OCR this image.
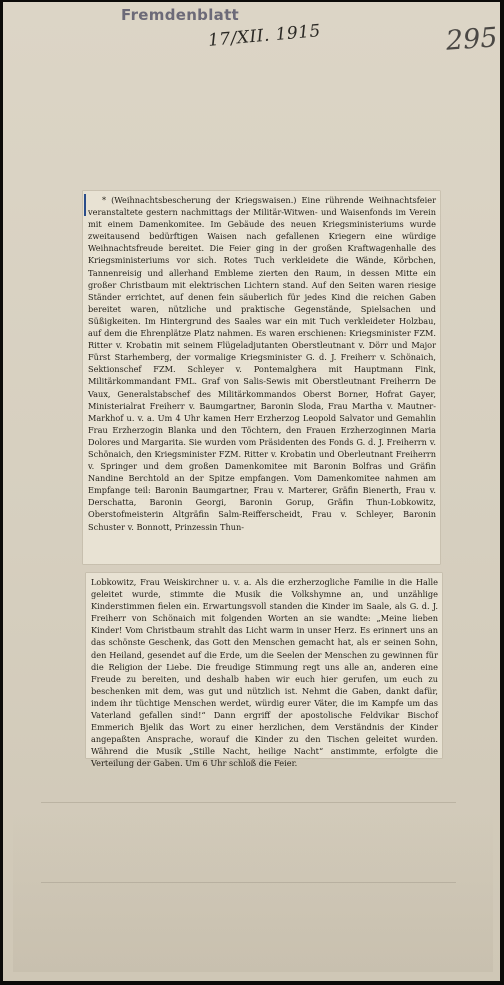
Fremdenblatt
17/XII. 1915	295

* (Weihnachtsbescherung der Kriegswaisen.) Eine rührende Weihnachtsfeier veranstaltete gestern nachmittags der Militär-Witwen- und Waisenfonds im Verein mit einem Damenkomitee. Im Gebäude des neuen Kriegsministeriums wurde zweitausend bedürftigen Waisen nach gefallenen Kriegern eine würdige Weihnachtsfreude bereitet. Die Feier ging in der großen Kraftwagenhalle des Kriegsministeriums vor sich. Rotes Tuch verkleidete die Wände, Körbchen, Tannenreisig und allerhand Embleme zierten den Raum, in dessen Mitte ein großer Christbaum mit elektrischen Lichtern stand. Auf den Seiten waren riesige Ständer errichtet, auf denen fein säuberlich für jedes Kind die reichen Gaben bereitet waren, nützliche und praktische Gegenstände, Spielsachen und Süßigkeiten. Im Hintergrund des Saales war ein mit Tuch verkleideter Holzbau, auf dem die Ehrenplätze Platz nahmen. Es waren erschienen: Kriegsminister FZM. Ritter v. Krobatin mit seinem Flügeladjutanten Oberstleutnant v. Dörr und Major Fürst Starhemberg, der vormalige Kriegsminister G. d. J. Freiherr v. Schönaich, Sektionschef FZM. Schleyer v. Pontemalghera mit Hauptmann Fink, Militärkommandant FML. Graf von Salis-Sewis mit Oberstleutnant Freiherrn De Vaux, Generalstabschef des Militärkommandos Oberst Borner, Hofrat Gayer, Ministerialrat Freiherr v. Baumgartner, Baronin Sloda, Frau Martha v. Mautner-Markhof u. v. a. Um 4 Uhr kamen Herr Erzherzog Leopold Salvator und Gemahlin Frau Erzherzogin Blanka und den Töchtern, den Frauen Erzherzoginnen Maria Dolores und Margarita. Sie wurden vom Präsidenten des Fonds G. d. J. Freiherrn v. Schönaich, den Kriegsminister FZM. Ritter v. Krobatin und Oberleutnant Freiherrn v. Springer und dem großen Damenkomitee mit Baronin Bolfras und Gräfin Nandine Berchtold an der Spitze empfangen. Vom Damenkomitee nahmen am Empfange teil: Baronin Baumgartner, Frau v. Marterer, Gräfin Bienerth, Frau v. Derschatta, Baronin Georgi, Baronin Gorup, Gräfin Thun-Lobkowitz, Oberstofmeisterin Altgräfin Salm-Reifferscheidt, Frau v. Schleyer, Baronin Schuster v. Bonnott, Prinzessin Thun-

Lobkowitz, Frau Weiskirchner u. v. a. Als die erzherzogliche Familie in die Halle geleitet wurde, stimmte die Musik die Volkshymne an, und unzählige Kinderstimmen fielen ein. Erwartungsvoll standen die Kinder im Saale, als G. d. J. Freiherr von Schönaich mit folgenden Worten an sie wandte: „Meine lieben Kinder! Vom Christbaum strahlt das Licht warm in unser Herz. Es erinnert uns an das schönste Geschenk, das Gott den Menschen gemacht hat, als er seinen Sohn, den Heiland, gesendet auf die Erde, um die Seelen der Menschen zu gewinnen für die Religion der Liebe. Die freudige Stimmung regt uns alle an, anderen eine Freude zu bereiten, und deshalb haben wir euch hier gerufen, um euch zu beschenken mit dem, was gut und nützlich ist. Nehmt die Gaben, dankt dafür, indem ihr tüchtige Menschen werdet, würdig eurer Väter, die im Kampfe um das Vaterland gefallen sind!“ Dann ergriff der apostolische Feldvikar Bischof Emmerich Bjelik das Wort zu einer herzlichen, dem Verständnis der Kinder angepaßten Ansprache, worauf die Kinder zu den Tischen geleitet wurden. Während die Musik „Stille Nacht, heilige Nacht“ anstimmte, erfolgte die Verteilung der Gaben. Um 6 Uhr schloß die Feier.
